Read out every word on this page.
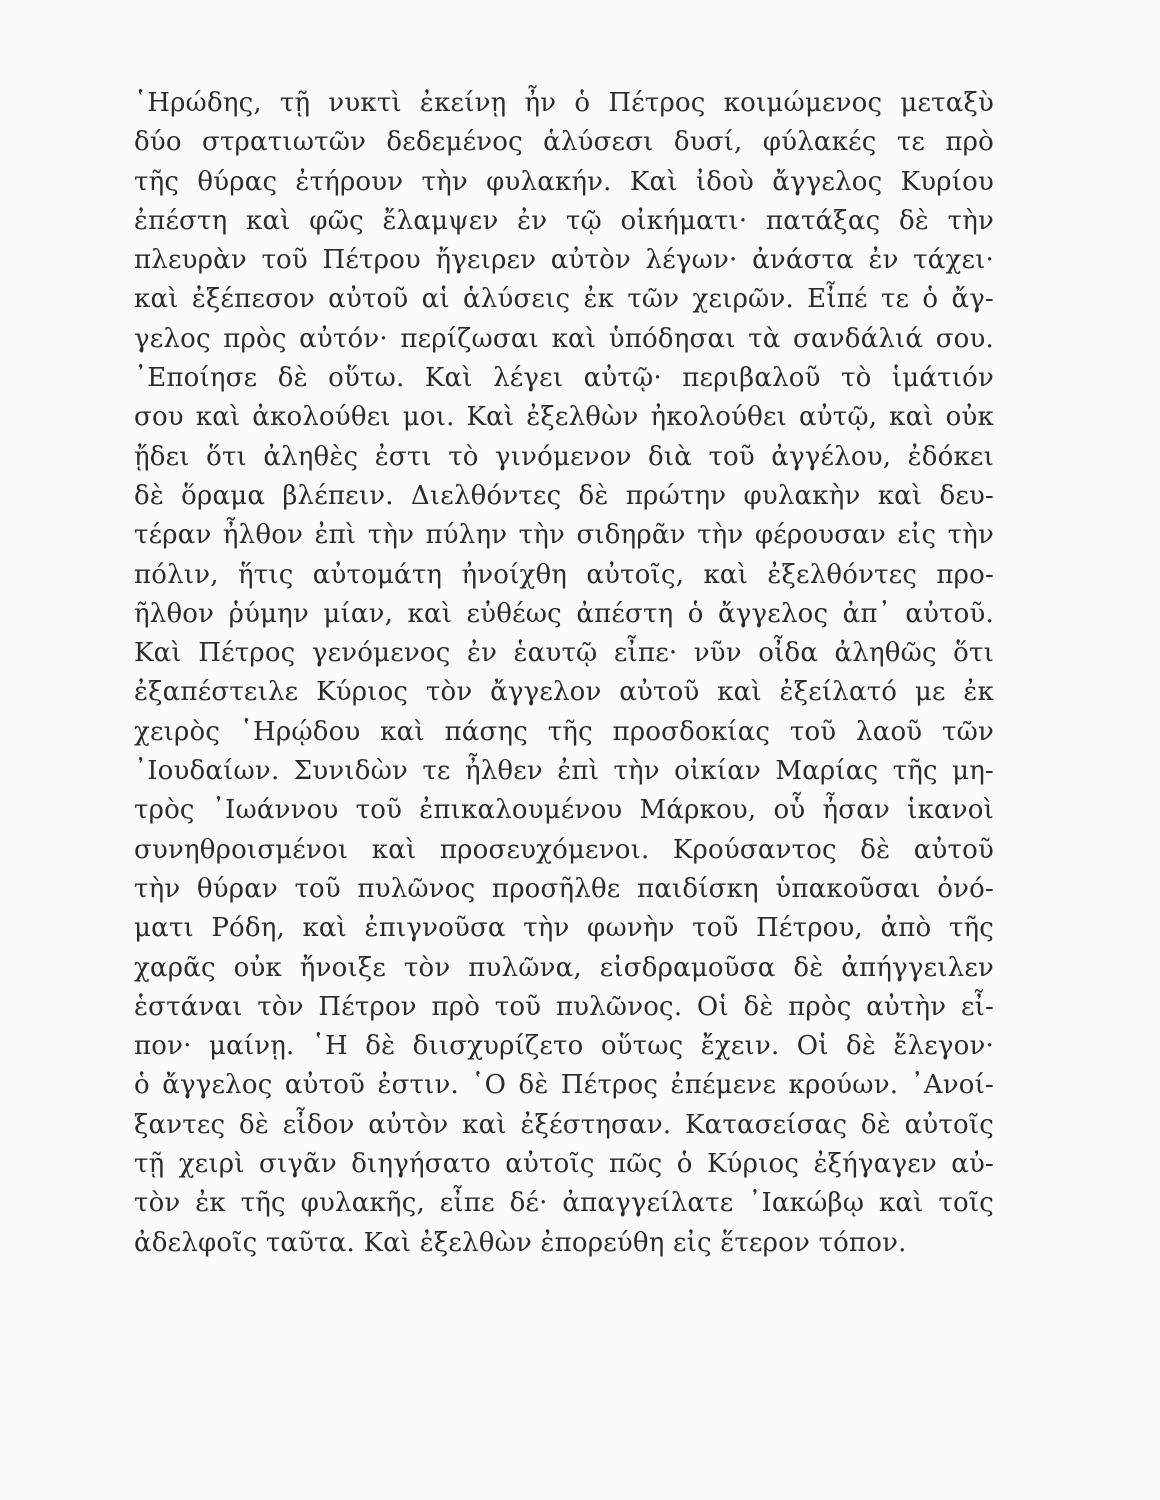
῾Ηρώδης, τῇ νυκτὶ ἐκείνῃ ἦν ὁ Πέτρος κοιμώμενος μεταξὺ
δύο στρατιωτῶν δεδεμένος ἁλύσεσι δυσί, φύλακές τε πρὸ
τῆς θύρας ἐτήρουν τὴν φυλακήν. Καὶ ἰδοὺ ἄγγελος Κυρίου
ἐπέστη καὶ φῶς ἔλαμψεν ἐν τῷ οἰκήματι· πατάξας δὲ τὴν
πλευρὰν τοῦ Πέτρου ἤγειρεν αὐτὸν λέγων· ἀνάστα ἐν τάχει·
καὶ ἐξέπεσον αὐτοῦ αἱ ἁλύσεις ἐκ τῶν χειρῶν. Εἶπέ τε ὁ ἄγ-
γελος πρὸς αὐτόν· περίζωσαι καὶ ὑπόδησαι τὰ σανδάλιά σου.
᾿Εποίησε δὲ οὕτω. Καὶ λέγει αὐτῷ· περιβαλοῦ τὸ ἱμάτιόν
σου καὶ ἀκολούθει μοι. Καὶ ἐξελθὼν ἠκολούθει αὐτῷ, καὶ οὐκ
ᾔδει ὅτι ἀληθὲς ἐστι τὸ γινόμενον διὰ τοῦ ἀγγέλου, ἐδόκει
δὲ ὅραμα βλέπειν. Διελθόντες δὲ πρώτην φυλακὴν καὶ δευ-
τέραν ἦλθον ἐπὶ τὴν πύλην τὴν σιδηρᾶν τὴν φέρουσαν εἰς τὴν
πόλιν, ἥτις αὐτομάτη ἠνοίχθη αὐτοῖς, καὶ ἐξελθόντες προ-
ῆλθον ῥύμην μίαν, καὶ εὐθέως ἀπέστη ὁ ἄγγελος ἀπ᾿ αὐτοῦ.
Καὶ Πέτρος γενόμενος ἐν ἑαυτῷ εἶπε· νῦν οἶδα ἀληθῶς ὅτι
ἐξαπέστειλε Κύριος τὸν ἄγγελον αὐτοῦ καὶ ἐξείλατό με ἐκ
χειρὸς ῾Ηρῴδου καὶ πάσης τῆς προσδοκίας τοῦ λαοῦ τῶν
᾿Ιουδαίων. Συνιδὼν τε ἦλθεν ἐπὶ τὴν οἰκίαν Μαρίας τῆς μη-
τρὸς ᾿Ιωάννου τοῦ ἐπικαλουμένου Μάρκου, οὗ ἦσαν ἱκανοὶ
συνηθροισμένοι καὶ προσευχόμενοι. Κρούσαντος δὲ αὐτοῦ
τὴν θύραν τοῦ πυλῶνος προσῆλθε παιδίσκη ὑπακοῦσαι ὀνό-
ματι Ρόδη, καὶ ἐπιγνοῦσα τὴν φωνὴν τοῦ Πέτρου, ἀπὸ τῆς
χαρᾶς οὐκ ἤνοιξε τὸν πυλῶνα, εἰσδραμοῦσα δὲ ἀπήγγειλεν
ἑστάναι τὸν Πέτρον πρὸ τοῦ πυλῶνος. Οἱ δὲ πρὸς αὐτὴν εἶ-
πον· μαίνῃ. ῾Η δὲ διισχυρίζετο οὕτως ἔχειν. Οἱ δὲ ἔλεγον·
ὁ ἄγγελος αὐτοῦ ἐστιν. ῾Ο δὲ Πέτρος ἐπέμενε κρούων. ᾿Ανοί-
ξαντες δὲ εἶδον αὐτὸν καὶ ἐξέστησαν. Κατασείσας δὲ αὐτοῖς
τῇ χειρὶ σιγᾶν διηγήσατο αὐτοῖς πῶς ὁ Κύριος ἐξήγαγεν αὐ-
τὸν ἐκ τῆς φυλακῆς, εἶπε δέ· ἀπαγγείλατε ᾿Ιακώβῳ καὶ τοῖς
ἀδελφοῖς ταῦτα. Καὶ ἐξελθὼν ἐπορεύθη εἰς ἕτερον τόπον.
